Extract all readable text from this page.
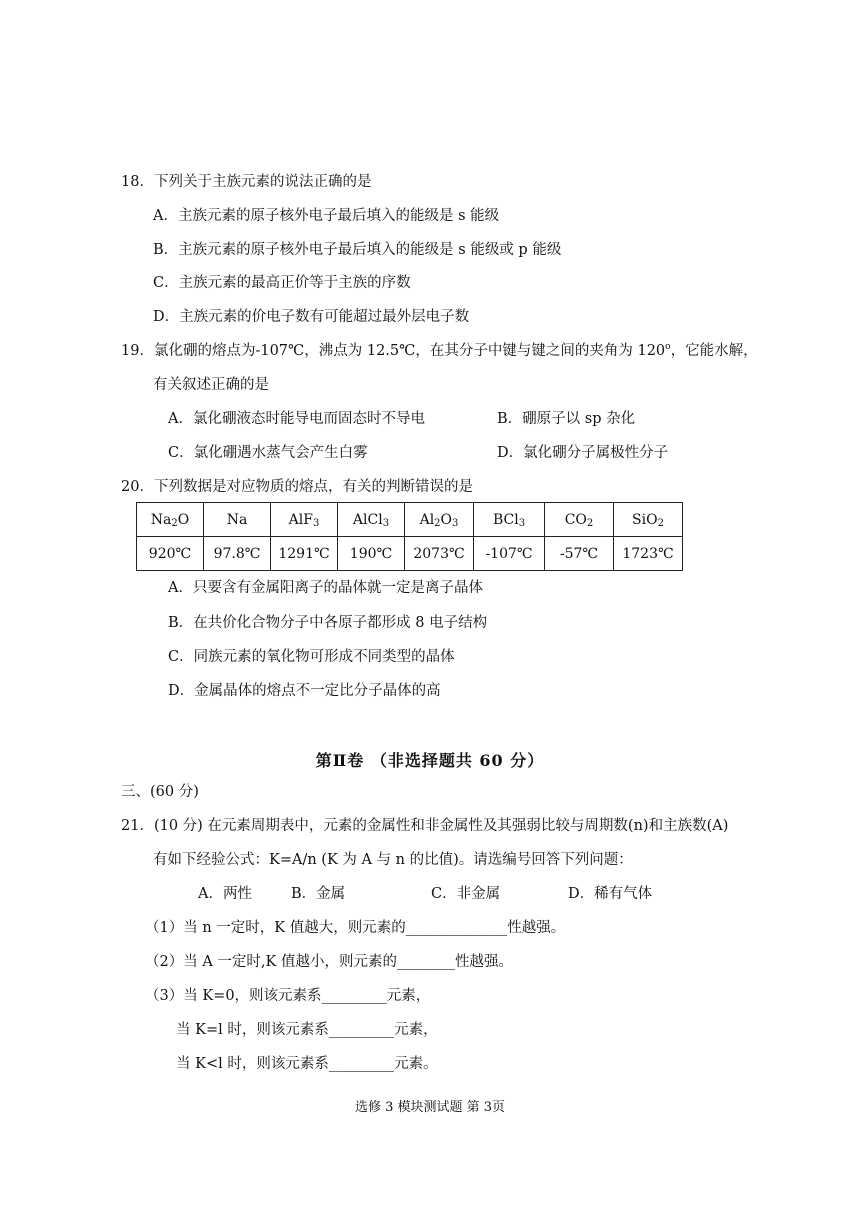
18．下列关于主族元素的说法正确的是
A．主族元素的原子核外电子最后填入的能级是 s 能级
B．主族元素的原子核外电子最后填入的能级是 s 能级或 p 能级
C．主族元素的最高正价等于主族的序数
D．主族元素的价电子数有可能超过最外层电子数
19．氯化硼的熔点为-107℃，沸点为 12.5℃，在其分子中键与键之间的夹角为 120$^o$，它能水解，
有关叙述正确的是
A．氯化硼液态时能导电而固态时不导电	B．硼原子以 sp 杂化
C．氯化硼遇水蒸气会产生白雾	D．氯化硼分子属极性分子
20．下列数据是对应物质的熔点，有关的判断错误的是
$Na_2O$	Na	AlF$_3$	AlCl$_3$	$Al_2O_3$	BCl$_3$	$CO_2$	SiO$_2$
920℃	97.8℃	1291℃	190℃	2073℃	-107℃	-57℃	1723℃
A．只要含有金属阳离子的晶体就一定是离子晶体
B．在共价化合物分子中各原子都形成 8 电子结构
C．同族元素的氧化物可形成不同类型的晶体
D．金属晶体的熔点不一定比分子晶体的高
第Ⅱ卷 （非选择题共 60 分）
三、(60 分)
21．(10 分) 在元素周期表中，元素的金属性和非金属性及其强弱比较与周期数(n)和主族数(A)
有如下经验公式：K=A/n (K 为 A 与 n 的比值)。请选编号回答下列问题：
A．两性	B．金属	C．非金属	D．稀有气体
（1）当 n 一定时，K 值越大，则元素的______________性越强。
（2）当 A 一定时,K 值越小，则元素的________性越强。
（3）当 K=0，则该元素系_________元素，
当 K=l 时，则该元素系_________元素，
当 K<l 时，则该元素系_________元素。
选修 3 模块测试题 第 3页
